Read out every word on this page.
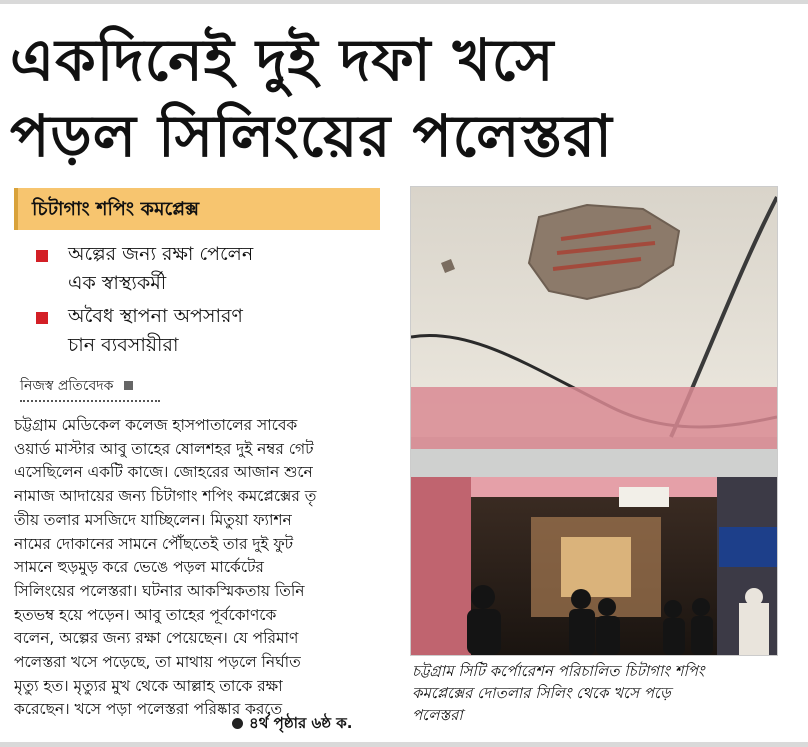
একদিনেই দুই দফা খসে
পড়ল সিলিংয়ের পলেস্তরা
চিটাগাং শপিং কমপ্লেক্স
অল্পের জন্য রক্ষা পেলেন
এক স্বাস্থ্যকর্মী
অবৈধ স্থাপনা অপসারণ
চান ব্যবসায়ীরা
নিজস্ব প্রতিবেদক
চট্টগ্রাম মেডিকেল কলেজ হাসপাতালের সাবেক
ওয়ার্ড মাস্টার আবু তাহের ষোলশহর দুই নম্বর গেট
এসেছিলেন একটি কাজে। জোহরের আজান শুনে
নামাজ আদায়ের জন্য চিটাগাং শপিং কমপ্লেক্সের তৃ
তীয় তলার মসজিদে যাচ্ছিলেন। মিতুয়া ফ্যাশন
নামের দোকানের সামনে পৌঁছতেই তার দুই ফুট
সামনে হুড়মুড় করে ভেঙে পড়ল মার্কেটের
সিলিংয়ের পলেস্তরা। ঘটনার আকস্মিকতায় তিনি
হতভম্ব হয়ে পড়েন। আবু তাহের পূর্বকোণকে
বলেন, অল্পের জন্য রক্ষা পেয়েছেন। যে পরিমাণ
পলেস্তরা খসে পড়েছে, তা মাথায় পড়লে নির্ঘাত
মৃত্যু হত। মৃত্যুর মুখ থেকে আল্লাহ তাকে রক্ষা
করেছেন। খসে পড়া পলেস্তরা পরিষ্কার করতে
৪র্থ পৃষ্ঠার ৬ষ্ঠ ক.
চট্টগ্রাম সিটি কর্পোরেশন পরিচালিত চিটাগাং শপিং
কমপ্লেক্সের দোতলার সিলিং থেকে খসে পড়ে
পলেস্তরা
